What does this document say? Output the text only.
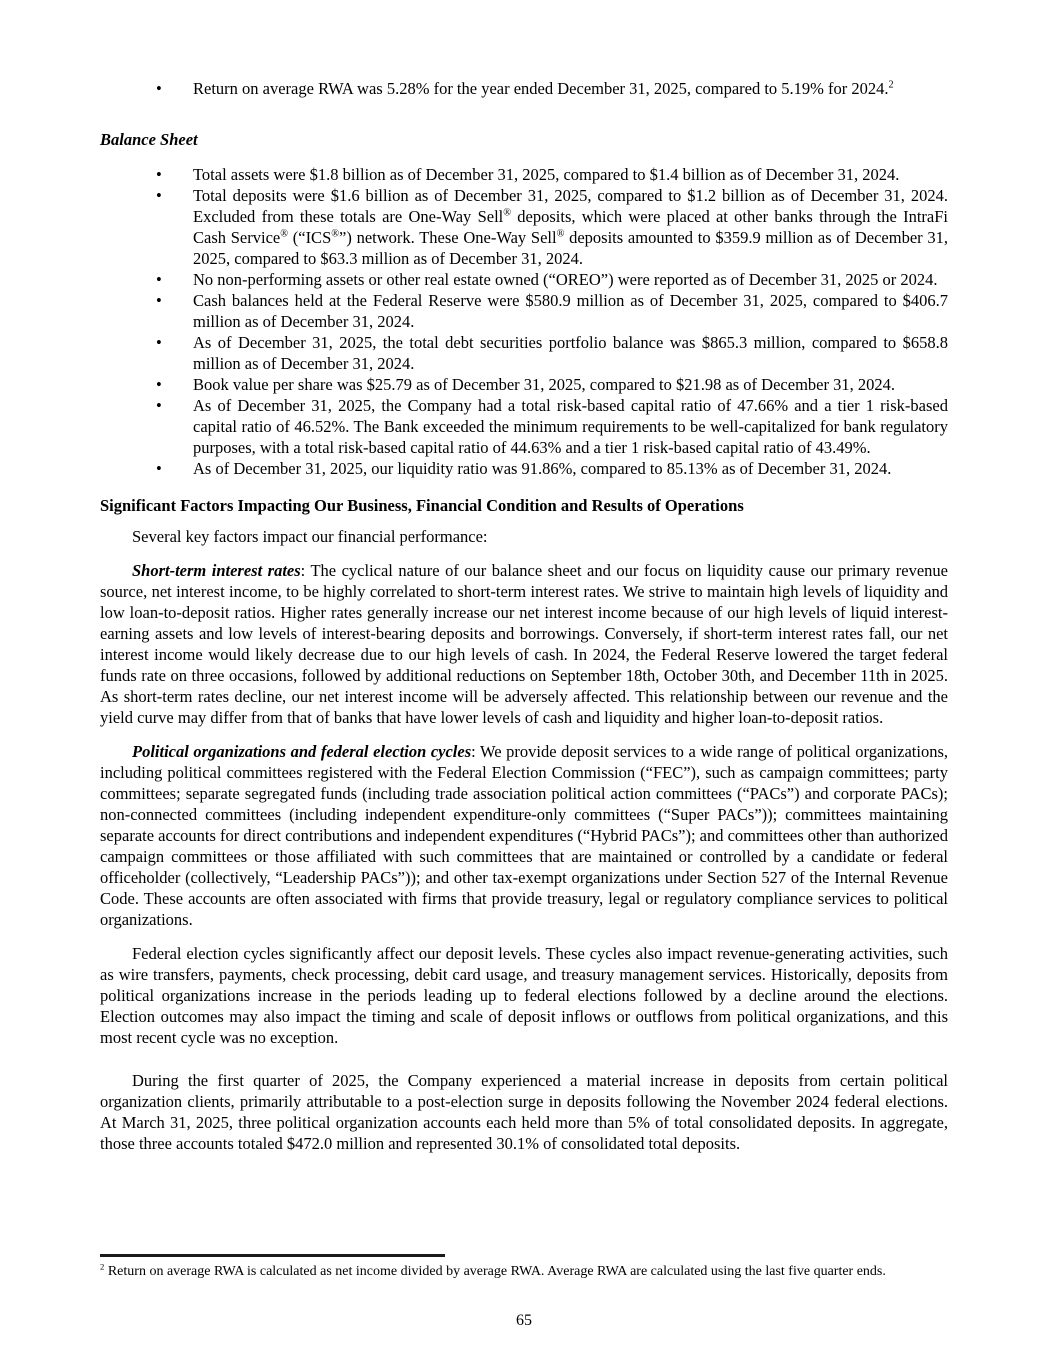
• Return on average RWA was 5.28% for the year ended December 31, 2025, compared to 5.19% for 2024.$^2$
Balance Sheet
• Total assets were $1.8 billion as of December 31, 2025, compared to $1.4 billion as of December 31, 2024.
• Total deposits were $1.6 billion as of December 31, 2025, compared to $1.2 billion as of December 31, 2024. Excluded from these totals are One-Way Sell® deposits, which were placed at other banks through the IntraFi Cash Service® (“ICS®”) network. These One-Way Sell® deposits amounted to $359.9 million as of December 31, 2025, compared to $63.3 million as of December 31, 2024.
• No non-performing assets or other real estate owned (“OREO”) were reported as of December 31, 2025 or 2024.
• Cash balances held at the Federal Reserve were $580.9 million as of December 31, 2025, compared to $406.7 million as of December 31, 2024.
• As of December 31, 2025, the total debt securities portfolio balance was $865.3 million, compared to $658.8 million as of December 31, 2024.
• Book value per share was $25.79 as of December 31, 2025, compared to $21.98 as of December 31, 2024.
• As of December 31, 2025, the Company had a total risk-based capital ratio of 47.66% and a tier 1 risk-based capital ratio of 46.52%. The Bank exceeded the minimum requirements to be well-capitalized for bank regulatory purposes, with a total risk-based capital ratio of 44.63% and a tier 1 risk-based capital ratio of 43.49%.
• As of December 31, 2025, our liquidity ratio was 91.86%, compared to 85.13% as of December 31, 2024.
Significant Factors Impacting Our Business, Financial Condition and Results of Operations

Several key factors impact our financial performance:

Short-term interest rates: The cyclical nature of our balance sheet and our focus on liquidity cause our primary revenue source, net interest income, to be highly correlated to short-term interest rates. We strive to maintain high levels of liquidity and low loan-to-deposit ratios. Higher rates generally increase our net interest income because of our high levels of liquid interest-earning assets and low levels of interest-bearing deposits and borrowings. Conversely, if short-term interest rates fall, our net interest income would likely decrease due to our high levels of cash. In 2024, the Federal Reserve lowered the target federal funds rate on three occasions, followed by additional reductions on September 18th, October 30th, and December 11th in 2025. As short-term rates decline, our net interest income will be adversely affected. This relationship between our revenue and the yield curve may differ from that of banks that have lower levels of cash and liquidity and higher loan-to-deposit ratios.

Political organizations and federal election cycles: We provide deposit services to a wide range of political organizations, including political committees registered with the Federal Election Commission (“FEC”), such as campaign committees; party committees; separate segregated funds (including trade association political action committees (“PACs”) and corporate PACs); non-connected committees (including independent expenditure-only committees (“Super PACs”)); committees maintaining separate accounts for direct contributions and independent expenditures (“Hybrid PACs”); and committees other than authorized campaign committees or those affiliated with such committees that are maintained or controlled by a candidate or federal officeholder (collectively, “Leadership PACs”)); and other tax-exempt organizations under Section 527 of the Internal Revenue Code. These accounts are often associated with firms that provide treasury, legal or regulatory compliance services to political organizations.

Federal election cycles significantly affect our deposit levels. These cycles also impact revenue-generating activities, such as wire transfers, payments, check processing, debit card usage, and treasury management services. Historically, deposits from political organizations increase in the periods leading up to federal elections followed by a decline around the elections. Election outcomes may also impact the timing and scale of deposit inflows or outflows from political organizations, and this most recent cycle was no exception.

During the first quarter of 2025, the Company experienced a material increase in deposits from certain political organization clients, primarily attributable to a post-election surge in deposits following the November 2024 federal elections. At March 31, 2025, three political organization accounts each held more than 5% of total consolidated deposits. In aggregate, those three accounts totaled $472.0 million and represented 30.1% of consolidated total deposits.

$^2$ Return on average RWA is calculated as net income divided by average RWA. Average RWA are calculated using the last five quarter ends.

65
